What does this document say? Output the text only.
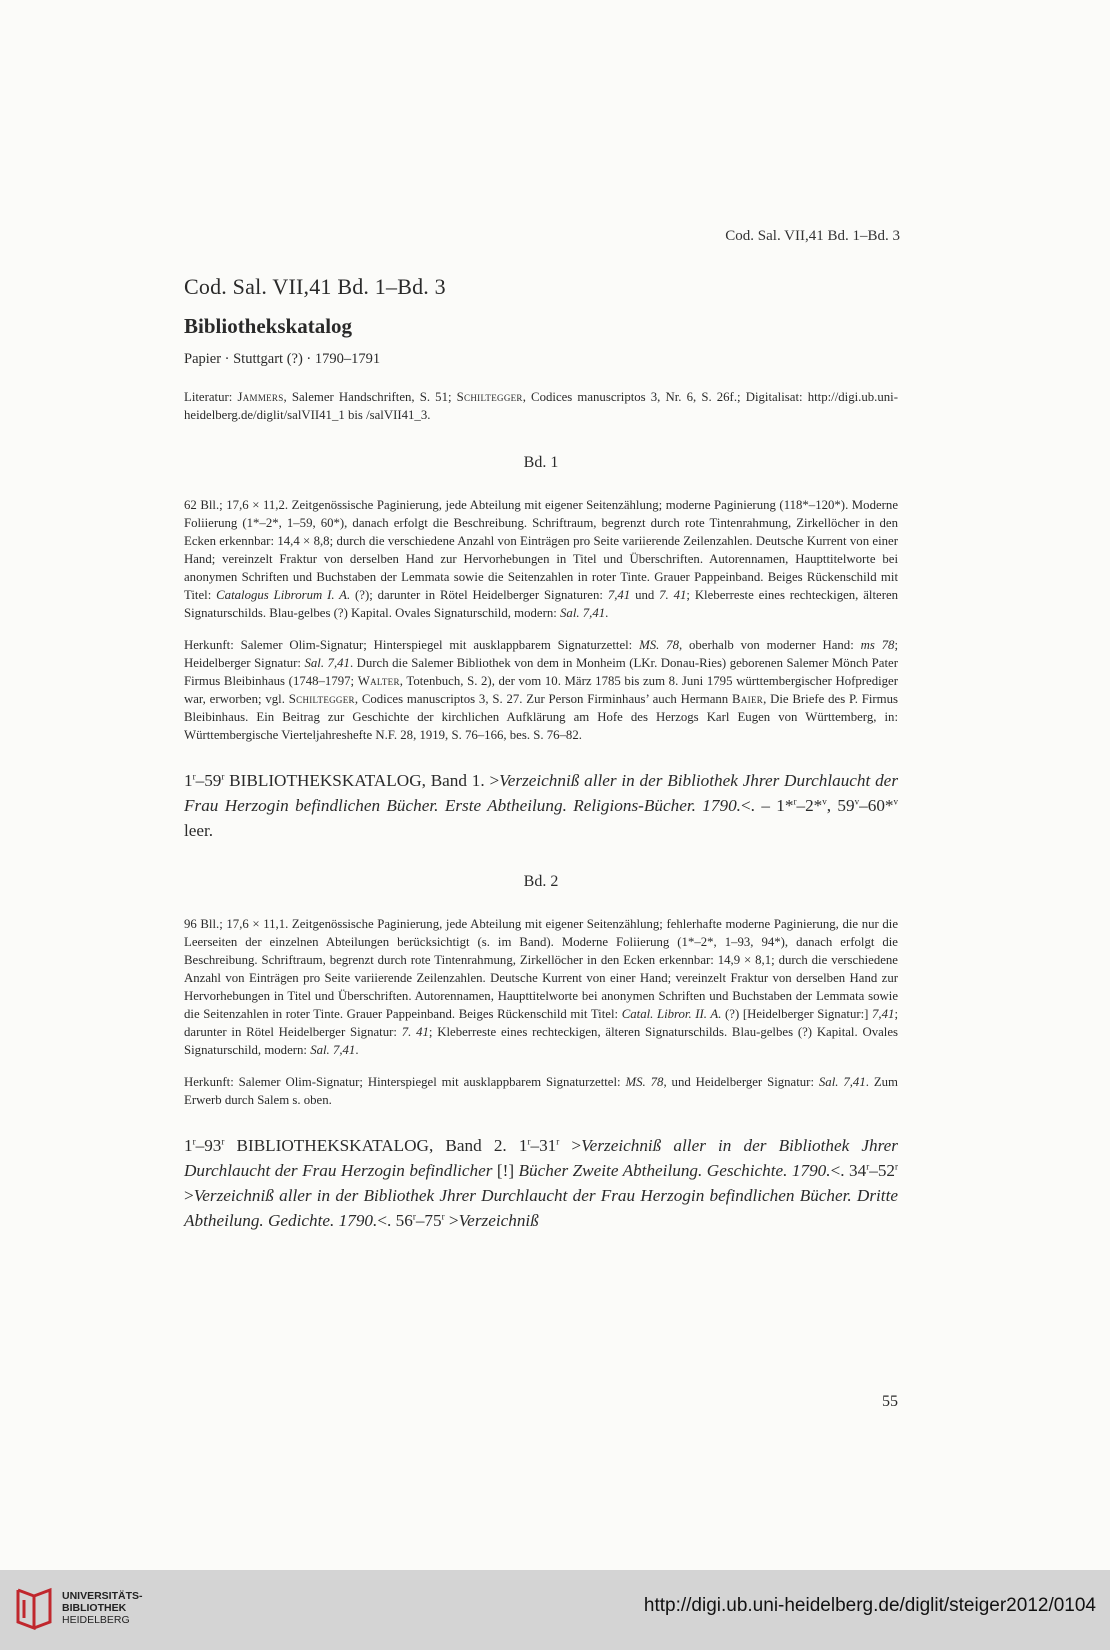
Cod. Sal. VII,41 Bd. 1–Bd. 3
Cod. Sal. VII,41 Bd. 1–Bd. 3
Bibliothekskatalog
Papier · Stuttgart (?) · 1790–1791

Literatur: Jammers, Salemer Handschriften, S. 51; Schiltegger, Codices manuscriptos 3, Nr. 6, S. 26f.; Digitalisat: http://digi.ub.uni-heidelberg.de/diglit/salVII41_1 bis /salVII41_3.

Bd. 1

62 Bll.; 17,6 × 11,2. Zeitgenössische Paginierung, jede Abteilung mit eigener Seitenzählung; moderne Paginierung (118*–120*). Moderne Foliierung (1*–2*, 1–59, 60*), danach erfolgt die Beschreibung. Schriftraum, begrenzt durch rote Tintenrahmung, Zirkellöcher in den Ecken erkennbar: 14,4 × 8,8; durch die verschiedene Anzahl von Einträgen pro Seite variierende Zeilenzahlen. Deutsche Kurrent von einer Hand; vereinzelt Fraktur von derselben Hand zur Hervorhebungen in Titel und Überschriften. Autorennamen, Haupttitelworte bei anonymen Schriften und Buchstaben der Lemmata sowie die Seitenzahlen in roter Tinte. Grauer Pappeinband. Beiges Rückenschild mit Titel: Catalogus Librorum I. A. (?); darunter in Rötel Heidelberger Signaturen: 7,41 und 7. 41; Kleberreste eines rechteckigen, älteren Signaturschilds. Blau-gelbes (?) Kapital. Ovales Signaturschild, modern: Sal. 7,41.

Herkunft: Salemer Olim-Signatur; Hinterspiegel mit ausklappbarem Signaturzettel: MS. 78, oberhalb von moderner Hand: ms 78; Heidelberger Signatur: Sal. 7,41. Durch die Salemer Bibliothek von dem in Monheim (LKr. Donau-Ries) geborenen Salemer Mönch Pater Firmus Bleibinhaus (1748–1797; Walter, Totenbuch, S. 2), der vom 10. März 1785 bis zum 8. Juni 1795 württembergischer Hofprediger war, erworben; vgl. Schiltegger, Codices manuscriptos 3, S. 27. Zur Person Firminhaus’ auch Hermann Baier, Die Briefe des P. Firmus Bleibinhaus. Ein Beitrag zur Geschichte der kirchlichen Aufklärung am Hofe des Herzogs Karl Eugen von Württemberg, in: Württembergische Vierteljahreshefte N.F. 28, 1919, S. 76–166, bes. S. 76–82.

1$^r$–59$^r$ BIBLIOTHEKSKATALOG, Band 1. >Verzeichniß aller in der Bibliothek Jhrer Durchlaucht der Frau Herzogin befindlichen Bücher. Erste Abtheilung. Religions-Bücher. 1790.<. – 1*$^r$–2*$^v$, 59$^v$–60*$^v$ leer.

Bd. 2

96 Bll.; 17,6 × 11,1. Zeitgenössische Paginierung, jede Abteilung mit eigener Seitenzählung; fehlerhafte moderne Paginierung, die nur die Leerseiten der einzelnen Abteilungen berücksichtigt (s. im Band). Moderne Foliierung (1*–2*, 1–93, 94*), danach erfolgt die Beschreibung. Schriftraum, begrenzt durch rote Tintenrahmung, Zirkellöcher in den Ecken erkennbar: 14,9 × 8,1; durch die verschiedene Anzahl von Einträgen pro Seite variierende Zeilenzahlen. Deutsche Kurrent von einer Hand; vereinzelt Fraktur von derselben Hand zur Hervorhebungen in Titel und Überschriften. Autorennamen, Haupttitelworte bei anonymen Schriften und Buchstaben der Lemmata sowie die Seitenzahlen in roter Tinte. Grauer Pappeinband. Beiges Rückenschild mit Titel: Catal. Libror. II. A. (?) [Heidelberger Signatur:] 7,41; darunter in Rötel Heidelberger Signatur: 7. 41; Kleberreste eines rechteckigen, älteren Signaturschilds. Blau-gelbes (?) Kapital. Ovales Signaturschild, modern: Sal. 7,41.

Herkunft: Salemer Olim-Signatur; Hinterspiegel mit ausklappbarem Signaturzettel: MS. 78, und Heidelberger Signatur: Sal. 7,41. Zum Erwerb durch Salem s. oben.

1$^r$–93$^r$ BIBLIOTHEKSKATALOG, Band 2. $1^r-31^r$ >Verzeichniß aller in der Bibliothek Jhrer Durchlaucht der Frau Herzogin befindlicher [!] Bücher Zweite Abtheilung. Geschichte. 1790.<. $34^r-52^r$ >Verzeichniß aller in der Bibliothek Jhrer Durchlaucht der Frau Herzogin befindlichen Bücher. Dritte Abtheilung. Gedichte. 1790.<. $56^r-75^r$ >Verzeichniß

55
UNIVERSITÄTS-
BIBLIOTHEK
HEIDELBERG
http://digi.ub.uni-heidelberg.de/diglit/steiger2012/0104
